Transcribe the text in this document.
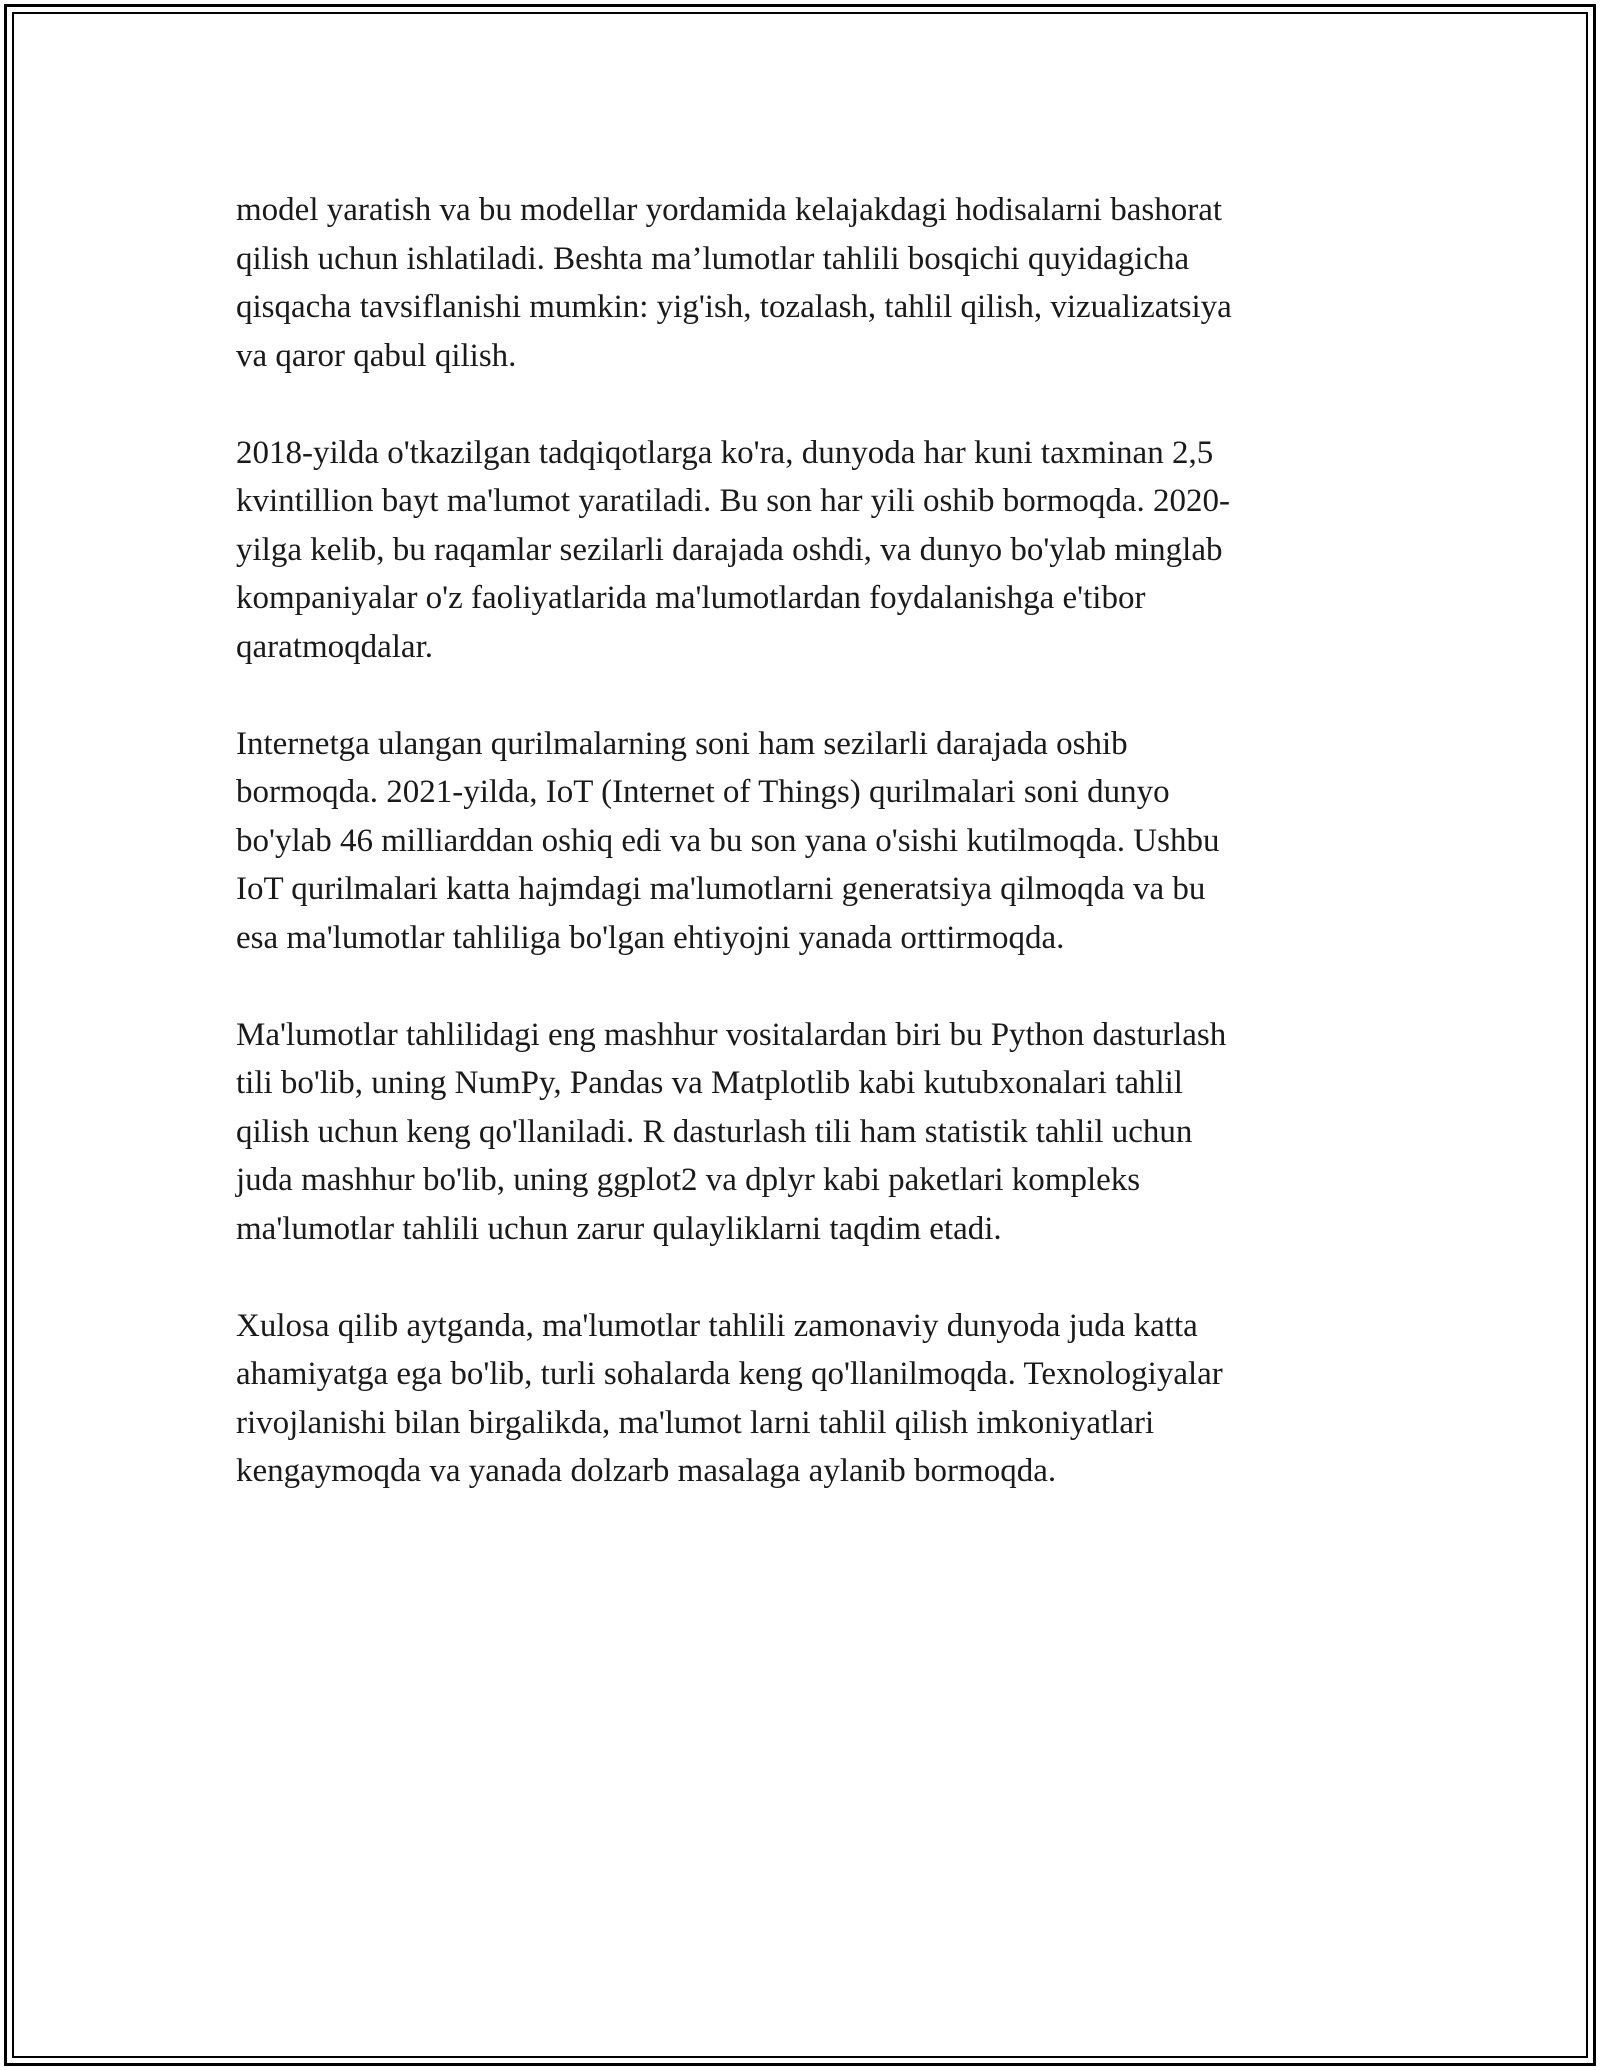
model yaratish va bu modellar yordamida kelajakdagi hodisalarni bashorat
qilish uchun ishlatiladi. Beshta ma’lumotlar tahlili bosqichi quyidagicha
qisqacha tavsiflanishi mumkin: yig'ish, tozalash, tahlil qilish, vizualizatsiya
va qaror qabul qilish.

2018-yilda o'tkazilgan tadqiqotlarga ko'ra, dunyoda har kuni taxminan 2,5
kvintillion bayt ma'lumot yaratiladi. Bu son har yili oshib bormoqda. 2020-
yilga kelib, bu raqamlar sezilarli darajada oshdi, va dunyo bo'ylab minglab
kompaniyalar o'z faoliyatlarida ma'lumotlardan foydalanishga e'tibor
qaratmoqdalar.

Internetga ulangan qurilmalarning soni ham sezilarli darajada oshib
bormoqda. 2021-yilda, IoT (Internet of Things) qurilmalari soni dunyo
bo'ylab 46 milliarddan oshiq edi va bu son yana o'sishi kutilmoqda. Ushbu
IoT qurilmalari katta hajmdagi ma'lumotlarni generatsiya qilmoqda va bu
esa ma'lumotlar tahliliga bo'lgan ehtiyojni yanada orttirmoqda.

Ma'lumotlar tahlilidagi eng mashhur vositalardan biri bu Python dasturlash
tili bo'lib, uning NumPy, Pandas va Matplotlib kabi kutubxonalari tahlil
qilish uchun keng qo'llaniladi. R dasturlash tili ham statistik tahlil uchun
juda mashhur bo'lib, uning ggplot2 va dplyr kabi paketlari kompleks
ma'lumotlar tahlili uchun zarur qulayliklarni taqdim etadi.

Xulosa qilib aytganda, ma'lumotlar tahlili zamonaviy dunyoda juda katta
ahamiyatga ega bo'lib, turli sohalarda keng qo'llanilmoqda. Texnologiyalar
rivojlanishi bilan birgalikda, ma'lumot larni tahlil qilish imkoniyatlari
kengaymoqda va yanada dolzarb masalaga aylanib bormoqda.
